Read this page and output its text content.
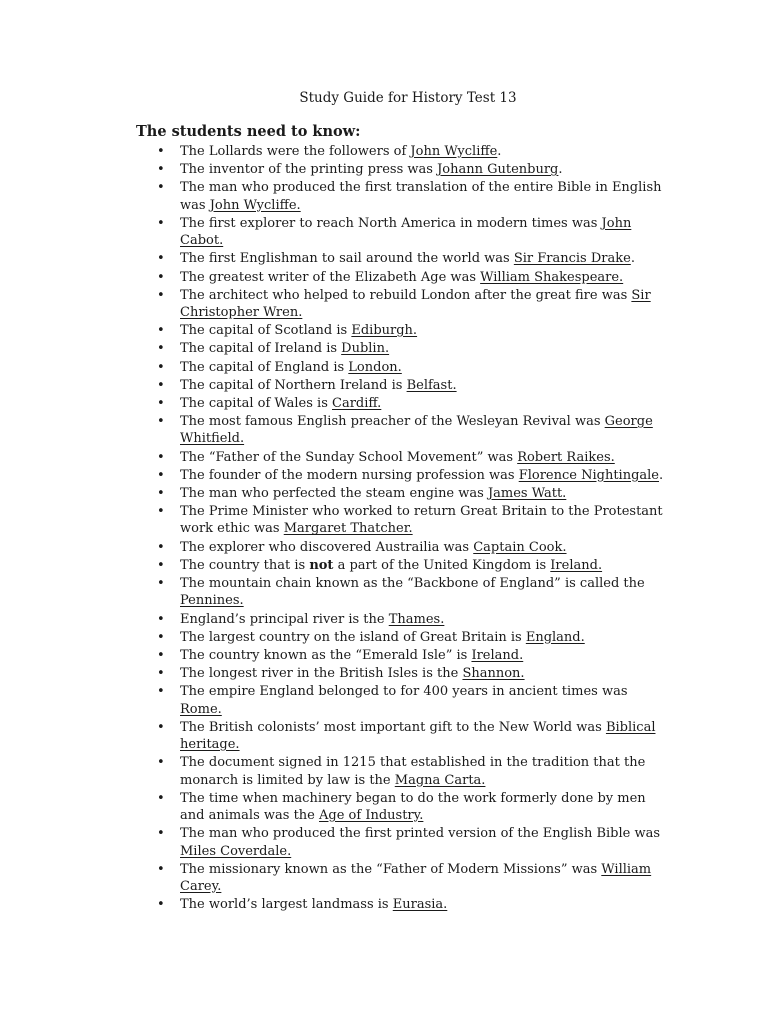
Study Guide for History Test 13
The students need to know:
• The Lollards were the followers of John Wycliffe.
• The inventor of the printing press was Johann Gutenburg.
• The man who produced the first translation of the entire Bible in English was John Wycliffe.
• The first explorer to reach North America in modern times was John Cabot.
• The first Englishman to sail around the world was Sir Francis Drake.
• The greatest writer of the Elizabeth Age was William Shakespeare.
• The architect who helped to rebuild London after the great fire was Sir Christopher Wren.
• The capital of Scotland is Ediburgh.
• The capital of Ireland is Dublin.
• The capital of England is London.
• The capital of Northern Ireland is Belfast.
• The capital of Wales is Cardiff.
• The most famous English preacher of the Wesleyan Revival was George Whitfield.
• The “Father of the Sunday School Movement” was Robert Raikes.
• The founder of the modern nursing profession was Florence Nightingale.
• The man who perfected the steam engine was James Watt.
• The Prime Minister who worked to return Great Britain to the Protestant work ethic was Margaret Thatcher.
• The explorer who discovered Austrailia was Captain Cook.
• The country that is not a part of the United Kingdom is Ireland.
• The mountain chain known as the “Backbone of England” is called the Pennines.
• England’s principal river is the Thames.
• The largest country on the island of Great Britain is England.
• The country known as the “Emerald Isle” is Ireland.
• The longest river in the British Isles is the Shannon.
• The empire England belonged to for 400 years in ancient times was Rome.
• The British colonists’ most important gift to the New World was Biblical heritage.
• The document signed in 1215 that established in the tradition that the monarch is limited by law is the Magna Carta.
• The time when machinery began to do the work formerly done by men and animals was the Age of Industry.
• The man who produced the first printed version of the English Bible was Miles Coverdale.
• The missionary known as the “Father of Modern Missions” was William Carey.
• The world’s largest landmass is Eurasia.
